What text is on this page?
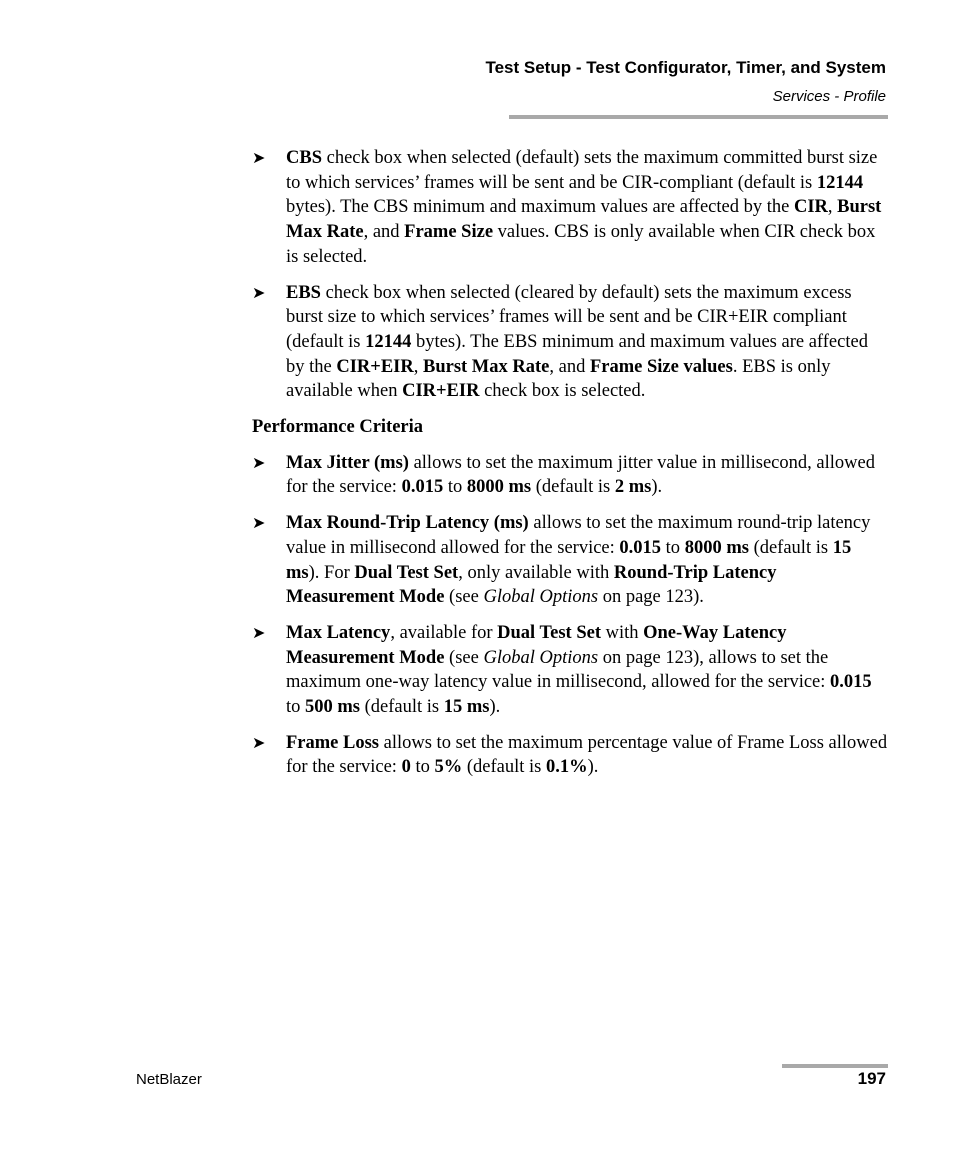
Test Setup - Test Configurator, Timer, and System
Services - Profile
➤ CBS check box when selected (default) sets the maximum committed burst size to which services’ frames will be sent and be CIR-compliant (default is 12144 bytes). The CBS minimum and maximum values are affected by the CIR, Burst Max Rate, and Frame Size values. CBS is only available when CIR check box is selected.
➤ EBS check box when selected (cleared by default) sets the maximum excess burst size to which services’ frames will be sent and be CIR+EIR compliant (default is 12144 bytes). The EBS minimum and maximum values are affected by the CIR+EIR, Burst Max Rate, and Frame Size values. EBS is only available when CIR+EIR check box is selected.
Performance Criteria
➤ Max Jitter (ms) allows to set the maximum jitter value in millisecond, allowed for the service: 0.015 to 8000 ms (default is 2 ms).
➤ Max Round-Trip Latency (ms) allows to set the maximum round-trip latency value in millisecond allowed for the service: 0.015 to 8000 ms (default is 15 ms). For Dual Test Set, only available with Round-Trip Latency Measurement Mode (see Global Options on page 123).
➤ Max Latency, available for Dual Test Set with One-Way Latency Measurement Mode (see Global Options on page 123), allows to set the maximum one-way latency value in millisecond, allowed for the service: 0.015 to 500 ms (default is 15 ms).
➤ Frame Loss allows to set the maximum percentage value of Frame Loss allowed for the service: 0 to 5% (default is 0.1%).
NetBlazer	197
